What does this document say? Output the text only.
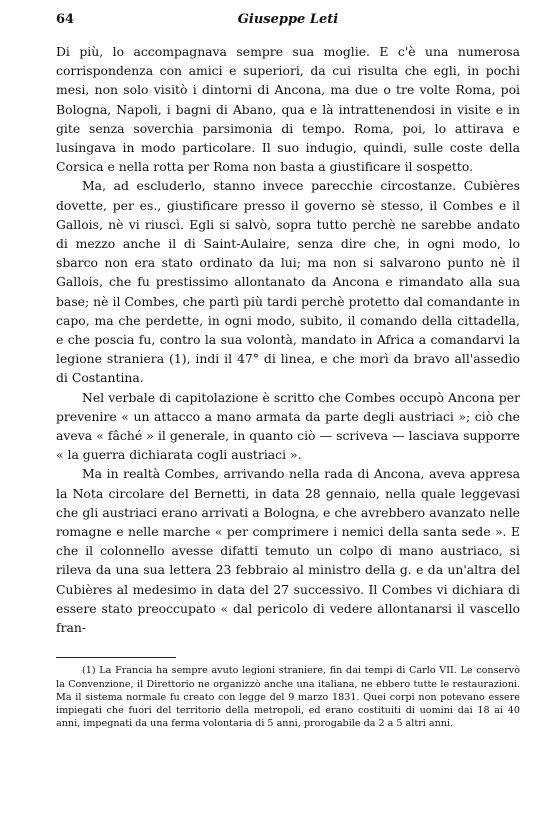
64	Giuseppe Leti

Di più, lo accompagnava sempre sua moglie. E c'è una numerosa corrispondenza con amici e superiori, da cui risulta che egli, in pochi mesi, non solo visitò i dintorni di Ancona, ma due o tre volte Roma, poi Bologna, Napoli, i bagni di Abano, qua e là intrattenendosi in visite e in gite senza soverchia parsimonia di tempo. Roma, poi, lo attirava e lusingava in modo particolare. Il suo indugio, quindi, sulle coste della Corsica e nella rotta per Roma non basta a giustificare il sospetto.

Ma, ad escluderlo, stanno invece parecchie circostanze. Cubières dovette, per es., giustificare presso il governo sè stesso, il Combes e il Gallois, nè vi riuscì. Egli si salvò, sopra tutto perchè ne sarebbe andato di mezzo anche il di Saint-Aulaire, senza dire che, in ogni modo, lo sbarco non era stato ordinato da lui; ma non si salvarono punto nè il Gallois, che fu prestissimo allontanato da Ancona e rimandato alla sua base; nè il Combes, che partì più tardi perchè protetto dal comandante in capo, ma che perdette, in ogni modo, subito, il comando della cittadella, e che poscia fu, contro la sua volontà, mandato in Africa a comandarvi la legione straniera (1), indi il 47° di linea, e che morì da bravo all'assedio di Costantina.

Nel verbale di capitolazione è scritto che Combes occupò Ancona per prevenire « un attacco a mano armata da parte degli austriaci »; ciò che aveva « fâché » il generale, in quanto ciò — scriveva — lasciava supporre « la guerra dichiarata cogli austriaci ».

Ma in realtà Combes, arrivando nella rada di Ancona, aveva appresa la Nota circolare del Bernetti, in data 28 gennaio, nella quale leggevasi che gli austriaci erano arrivati a Bologna, e che avrebbero avanzato nelle romagne e nelle marche « per comprimere i nemici della santa sede ». E che il colonnello avesse difatti temuto un colpo di mano austriaco, si rileva da una sua lettera 23 febbraio al ministro della g. e da un'altra del Cubières al medesimo in data del 27 successivo. Il Combes vi dichiara di essere stato preoccupato « dal pericolo di vedere allontanarsi il vascello fran-

(1) La Francia ha sempre avuto legioni straniere, fin dai tempi di Carlo VII. Le conservò la Convenzione, il Direttorio ne organizzò anche una italiana, ne ebbero tutte le restaurazioni. Ma il sistema normale fu creato con legge del 9 marzo 1831. Quei corpi non potevano essere impiegati che fuori del territorio della metropoli, ed erano costituiti di uomini dai 18 ai 40 anni, impegnati da una ferma volontaria di 5 anni, prorogabile da 2 a 5 altri anni.
